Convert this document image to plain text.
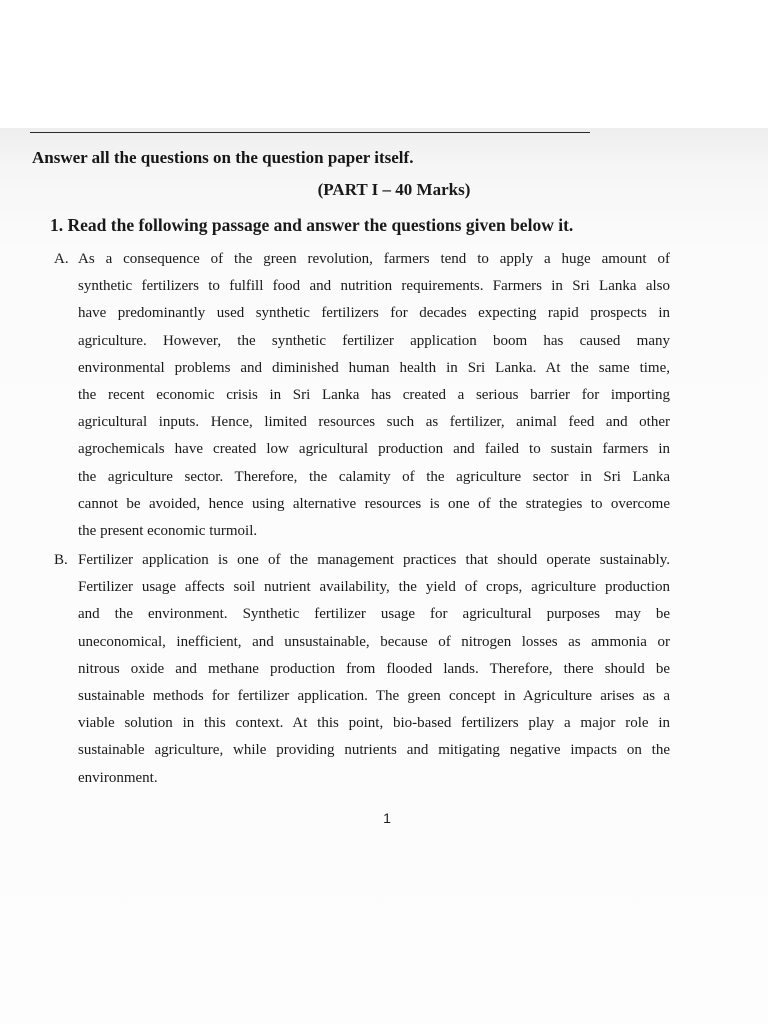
Answer all the questions on the question paper itself.
(PART I – 40 Marks)
1. Read the following passage and answer the questions given below it.
A. As a consequence of the green revolution, farmers tend to apply a huge amount of
synthetic fertilizers to fulfill food and nutrition requirements. Farmers in Sri Lanka also
have predominantly used synthetic fertilizers for decades expecting rapid prospects in
agriculture. However, the synthetic fertilizer application boom has caused many
environmental problems and diminished human health in Sri Lanka. At the same time,
the recent economic crisis in Sri Lanka has created a serious barrier for importing
agricultural inputs. Hence, limited resources such as fertilizer, animal feed and other
agrochemicals have created low agricultural production and failed to sustain farmers in
the agriculture sector. Therefore, the calamity of the agriculture sector in Sri Lanka
cannot be avoided, hence using alternative resources is one of the strategies to overcome
the present economic turmoil.
B. Fertilizer application is one of the management practices that should operate sustainably.
Fertilizer usage affects soil nutrient availability, the yield of crops, agriculture production
and the environment. Synthetic fertilizer usage for agricultural purposes may be
uneconomical, inefficient, and unsustainable, because of nitrogen losses as ammonia or
nitrous oxide and methane production from flooded lands. Therefore, there should be
sustainable methods for fertilizer application. The green concept in Agriculture arises as a
viable solution in this context. At this point, bio-based fertilizers play a major role in
sustainable agriculture, while providing nutrients and mitigating negative impacts on the
environment.
1
